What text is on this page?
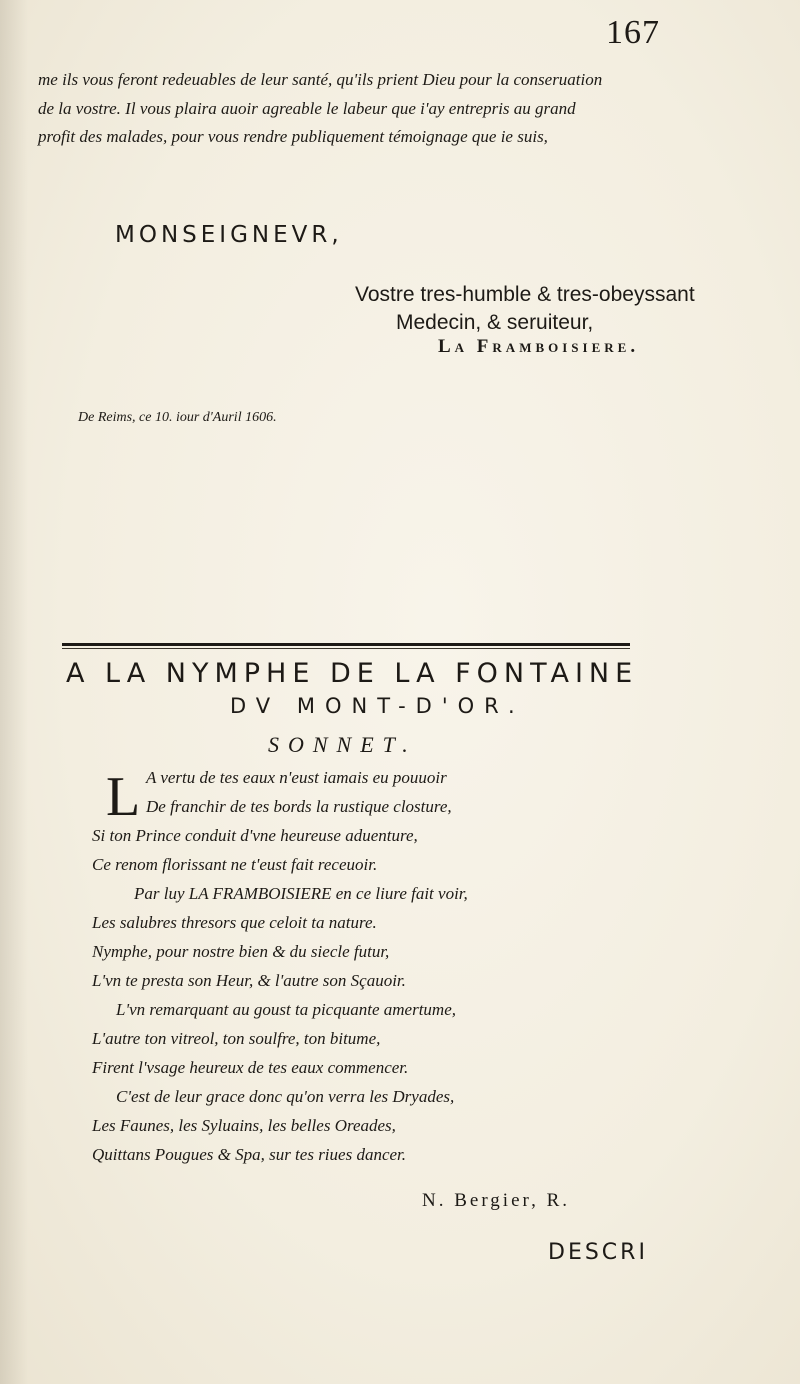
167
me ils vous feront redeuables de leur santé, qu'ils prient Dieu pour la conseruation
de la vostre. Il vous plaira auoir agreable le labeur que i'ay entrepris au grand
profit des malades, pour vous rendre publiquement témoignage que ie suis,
MONSEIGNEVR,
Vostre tres-humble & tres-obeyssant
Medecin, & seruiteur,
La Framboisiere.
De Reims, ce 10. iour d'Auril 1606.
A LA NYMPHE DE LA FONTAINE
DV MONT-D'OR.
SONNET.
L A vertu de tes eaux n'eust iamais eu pouuoir
De franchir de tes bords la rustique closture,
Si ton Prince conduit d'vne heureuse aduenture,
Ce renom florissant ne t'eust fait receuoir.
Par luy LA FRAMBOISIERE en ce liure fait voir,
Les salubres thresors que celoit ta nature.
Nymphe, pour nostre bien & du siecle futur,
L'vn te presta son Heur, & l'autre son Sçauoir.
L'vn remarquant au goust ta picquante amertume,
L'autre ton vitreol, ton soulfre, ton bitume,
Firent l'vsage heureux de tes eaux commencer.
C'est de leur grace donc qu'on verra les Dryades,
Les Faunes, les Syluains, les belles Oreades,
Quittans Pougues & Spa, sur tes riues dancer.
N. Bergier, R.
DESCRI
